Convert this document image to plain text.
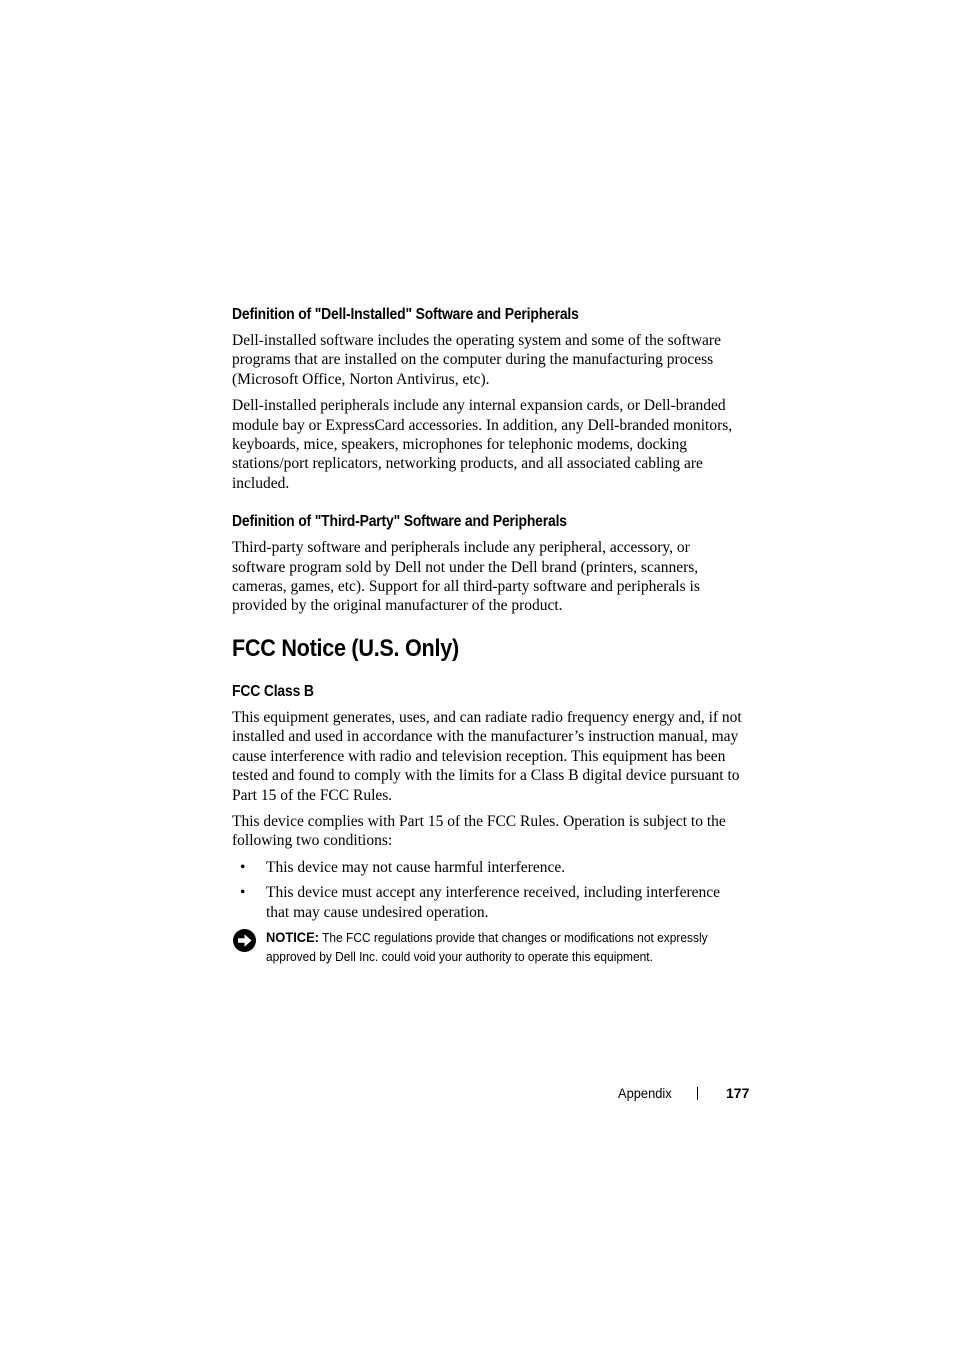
Definition of "Dell-Installed" Software and Peripherals

Dell-installed software includes the operating system and some of the software programs that are installed on the computer during the manufacturing process (Microsoft Office, Norton Antivirus, etc).

Dell-installed peripherals include any internal expansion cards, or Dell-branded module bay or ExpressCard accessories. In addition, any Dell-branded monitors, keyboards, mice, speakers, microphones for telephonic modems, docking stations/port replicators, networking products, and all associated cabling are included.

Definition of "Third-Party" Software and Peripherals

Third-party software and peripherals include any peripheral, accessory, or software program sold by Dell not under the Dell brand (printers, scanners, cameras, games, etc). Support for all third-party software and peripherals is provided by the original manufacturer of the product.

FCC Notice (U.S. Only)
FCC Class B

This equipment generates, uses, and can radiate radio frequency energy and, if not installed and used in accordance with the manufacturer’s instruction manual, may cause interference with radio and television reception. This equipment has been tested and found to comply with the limits for a Class B digital device pursuant to Part 15 of the FCC Rules.

This device complies with Part 15 of the FCC Rules. Operation is subject to the following two conditions:

• This device may not cause harmful interference.
• This device must accept any interference received, including interference that may cause undesired operation.
NOTICE: The FCC regulations provide that changes or modifications not expressly approved by Dell Inc. could void your authority to operate this equipment.
Appendix	177
